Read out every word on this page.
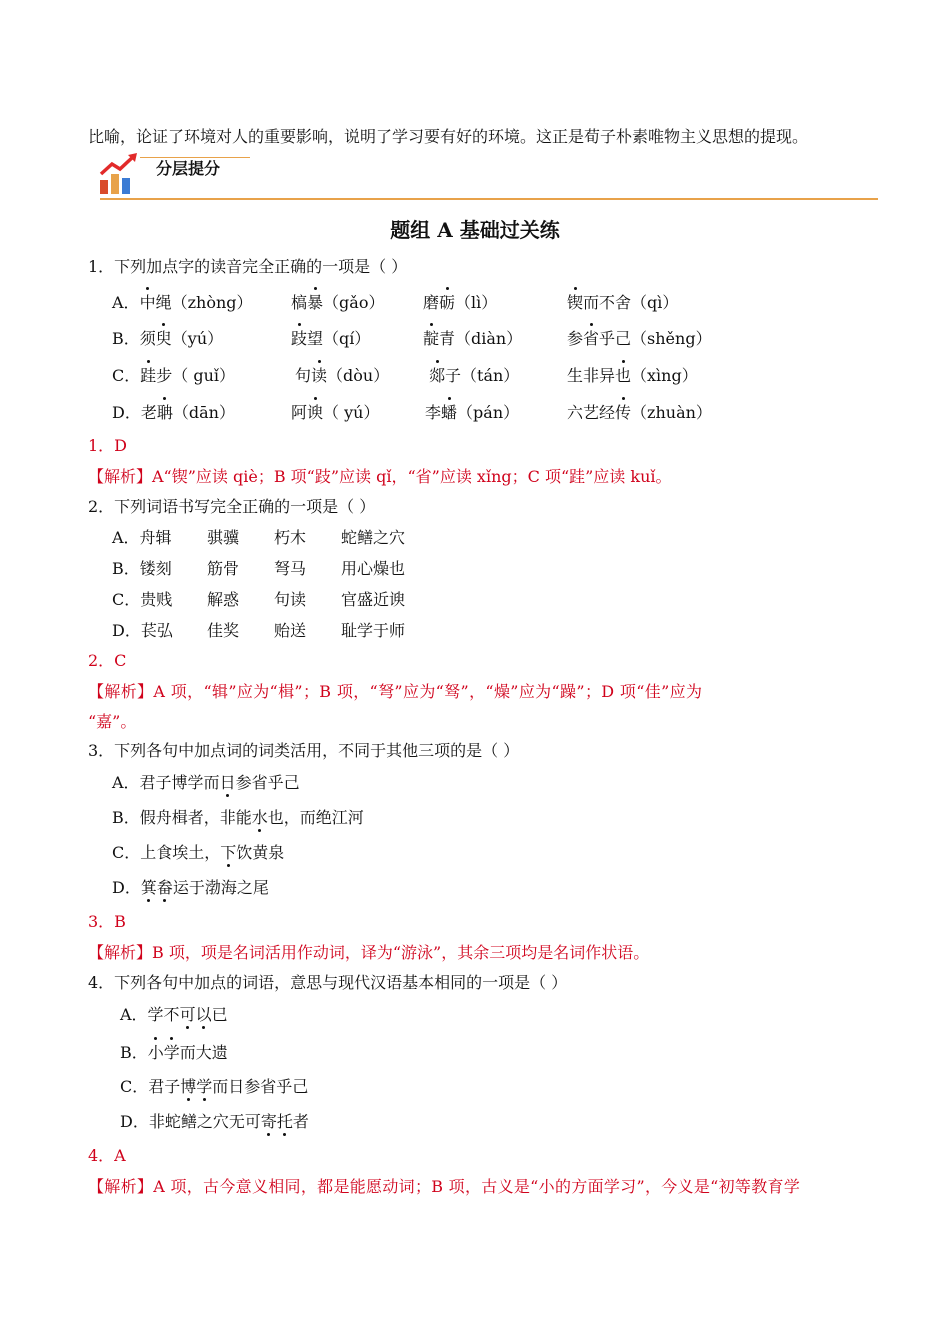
比喻，论证了环境对人的重要影响，说明了学习要有好的环境。这正是荀子朴素唯物主义思想的提现。
分层提分
题组 A 基础过关练
1．下列加点字的读音完全正确的一项是（ ）
A．中绳（zhòng） 槁暴（gǎo） 磨砺（lì）	锲而不舍（qì）
B．须臾（yú）	跂望（qí）	靛青（diàn）	参省乎己（shěng）
C．跬步（ guǐ）	句读（dòu） 郯子（tán）	生非异也（xìng）
D．老聃（dān）	阿谀（ yú）	李蟠（pán）	六艺经传（zhuàn）
1．D
【解析】A“锲”应读 qiè；B 项“跂”应读 qǐ，“省”应读 xǐng；C 项“跬”应读 kuǐ。
2．下列词语书写完全正确的一项是（ ）
A．舟辑 骐骥 朽木 蛇鳝之穴
B．镂刻 筋骨 弩马 用心燥也
C．贵贱 解惑 句读 官盛近谀
D．苌弘 佳奖 贻送 耻学于师
2．C
【解析】A 项，“辑”应为“楫”；B 项，“弩”应为“驽”，“燥”应为“躁”；D 项“佳”应为
“嘉”。
3．下列各句中加点词的词类活用，不同于其他三项的是（ ）
A．君子博学而日参省乎己
B．假舟楫者，非能水也，而绝江河
C．上食埃土，下饮黄泉
D．箕畚运于渤海之尾
3．B
【解析】B 项，项是名词活用作动词，译为“游泳”，其余三项均是名词作状语。
4．下列各句中加点的词语，意思与现代汉语基本相同的一项是（ ）
A．学不可以已
B．小学而大遗
C．君子博学而日参省乎己
D．非蛇鳝之穴无可寄托者
4．A
【解析】A 项，古今意义相同，都是能愿动词；B 项，古义是“小的方面学习”，今义是“初等教育学
